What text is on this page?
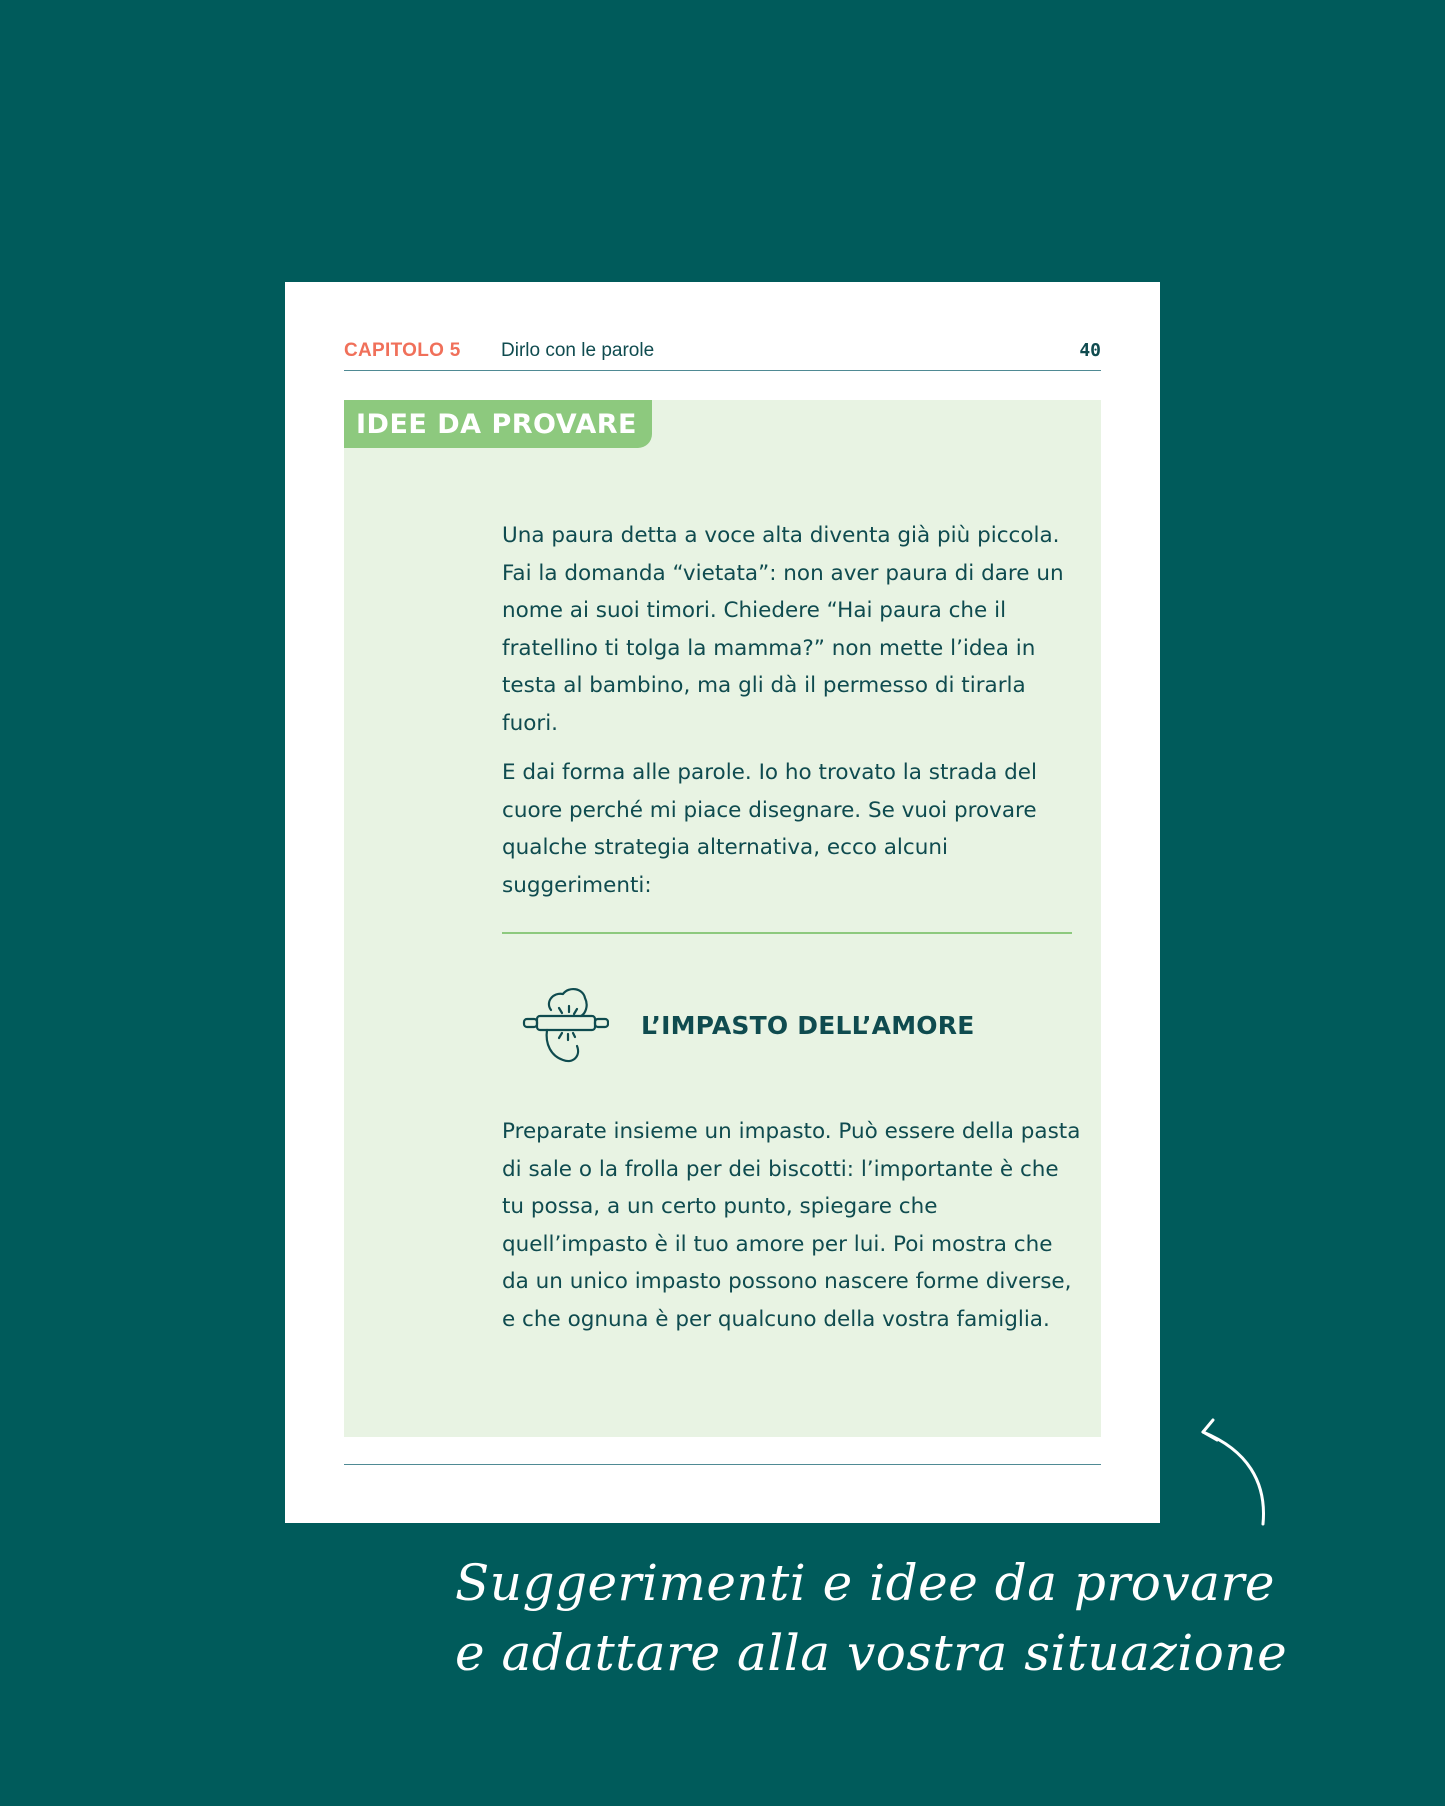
CAPITOLO 5 Dirlo con le parole	40
IDEE DA PROVARE

Una paura detta a voce alta diventa già più piccola. Fai la domanda “vietata”: non aver paura di dare un nome ai suoi timori. Chiedere “Hai paura che il fratellino ti tolga la mamma?” non mette l’idea in testa al bambino, ma gli dà il permesso di tirarla fuori.

E dai forma alle parole. Io ho trovato la strada del cuore perché mi piace disegnare. Se vuoi provare qualche strategia alternativa, ecco alcuni suggerimenti:

L’IMPASTO DELL’AMORE

Preparate insieme un impasto. Può essere della pasta di sale o la frolla per dei biscotti: l’importante è che tu possa, a un certo punto, spiegare che quell’impasto è il tuo amore per lui. Poi mostra che da un unico impasto possono nascere forme diverse, e che ognuna è per qualcuno della vostra famiglia.

Suggerimenti e idee da provare
e adattare alla vostra situazione
